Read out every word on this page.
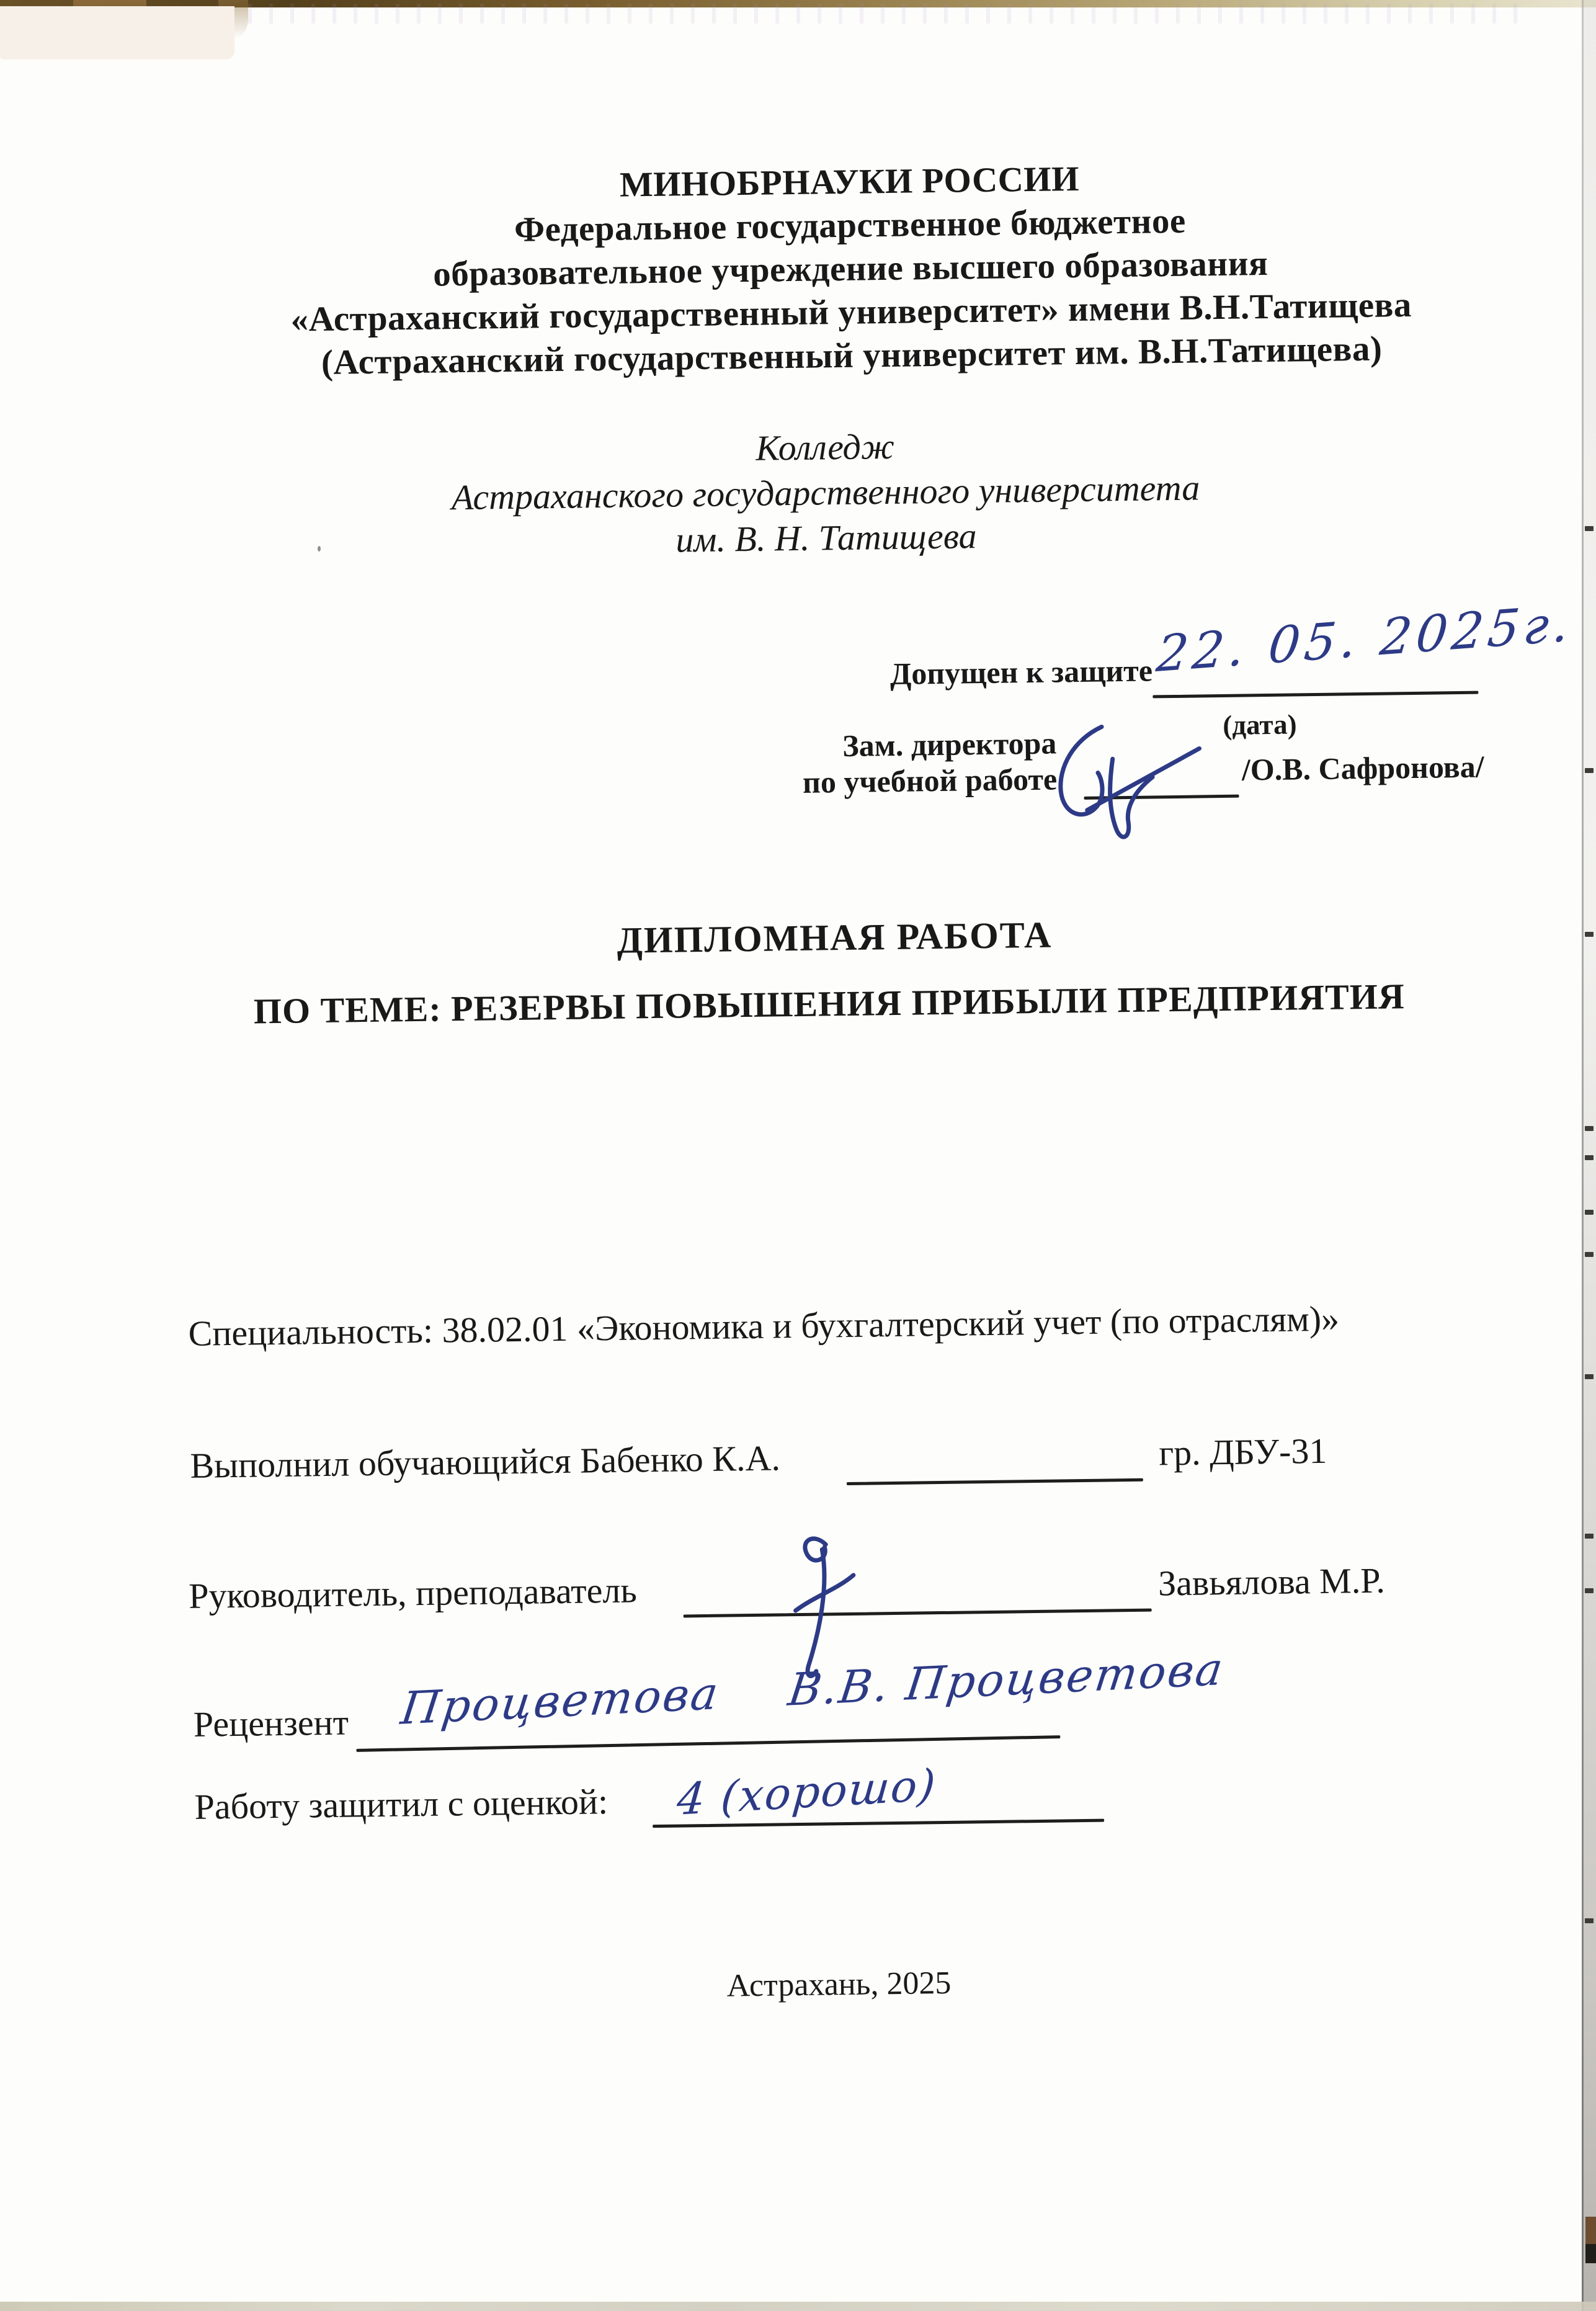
МИНОБРНАУКИ РОССИИ
Федеральное государственное бюджетное
образовательное учреждение высшего образования
«Астраханский государственный университет» имени В.Н.Татищева
(Астраханский государственный университет им. В.Н.Татищева)
Колледж
Астраханского государственного университета
им. В. Н. Татищева
Допущен к защите 22. 05. 2025г.
(дата)
Зам. директора
по учебной работе	/О.В. Сафронова/
ДИПЛОМНАЯ РАБОТА
ПО ТЕМЕ: РЕЗЕРВЫ ПОВЫШЕНИЯ ПРИБЫЛИ ПРЕДПРИЯТИЯ
Специальность: 38.02.01 «Экономика и бухгалтерский учет (по отраслям)»
Выполнил обучающийся Бабенко К.А.	гр. ДБУ-31
Руководитель, преподаватель	Завьялова М.Р.
Рецензент Процветова В.В. Процветова
Работу защитил с оценкой: 4 (хорошо)
Астрахань, 2025
